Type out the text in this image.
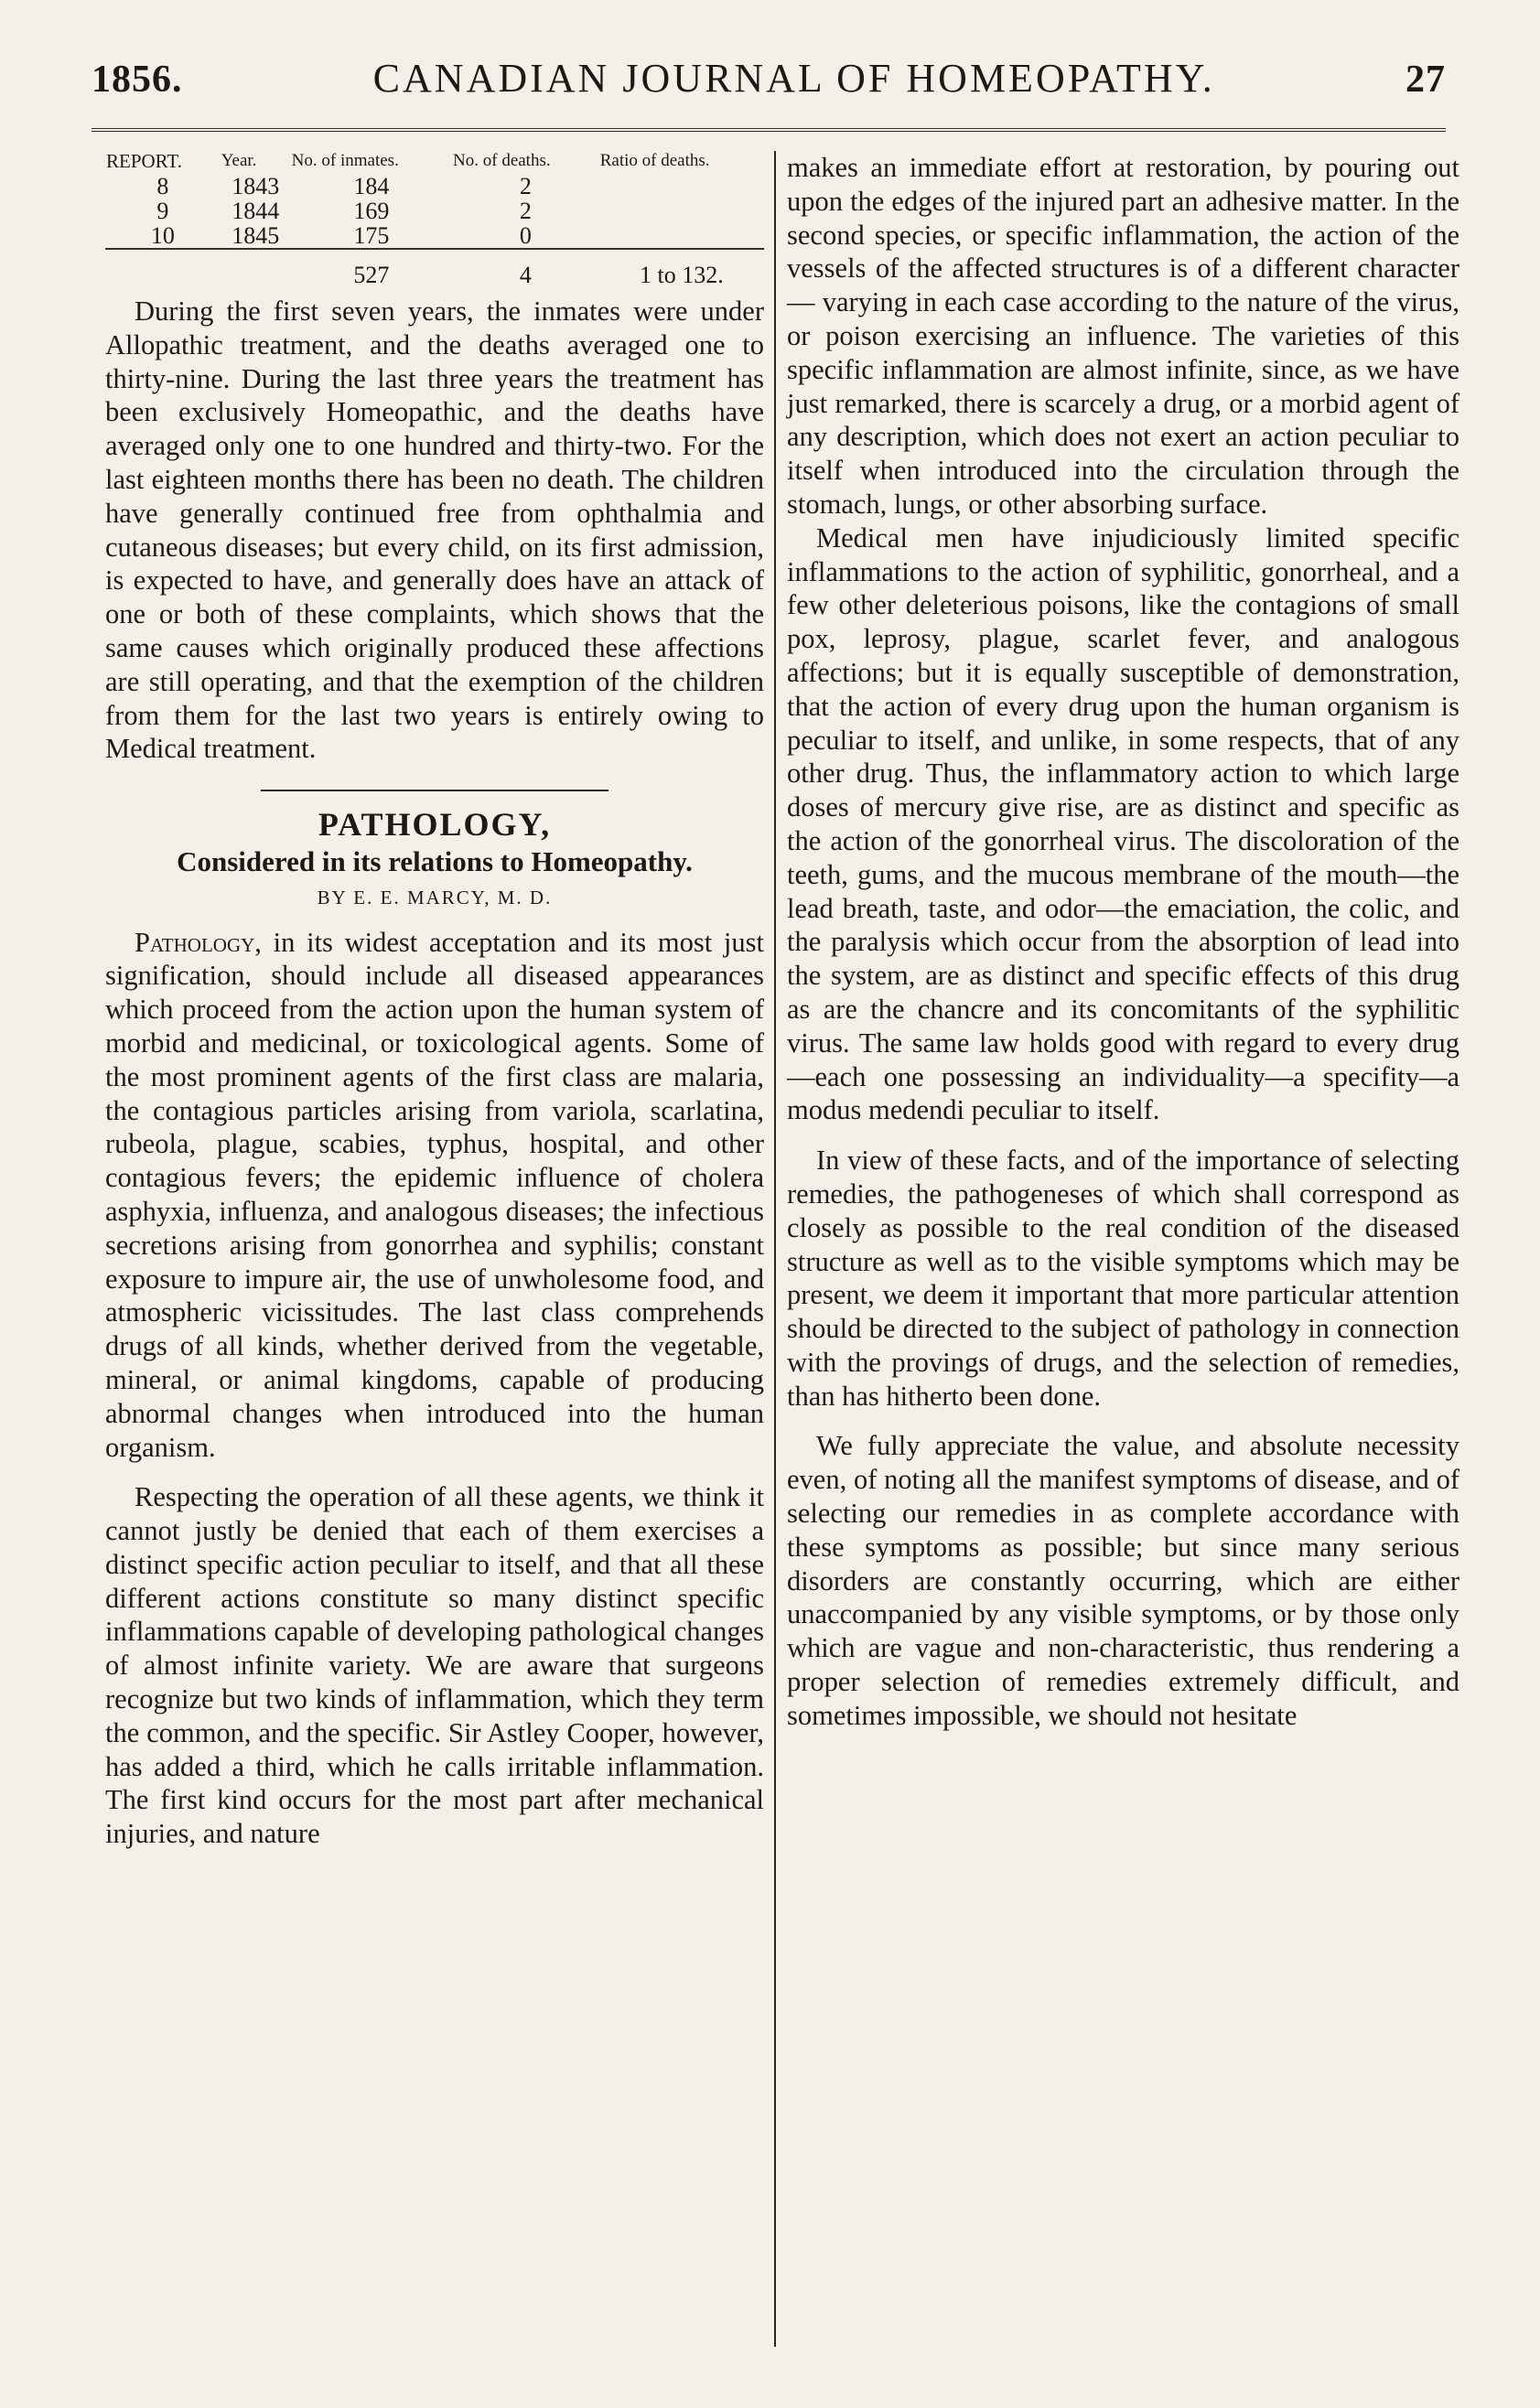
1856.	CANADIAN JOURNAL OF HOMEOPATHY.	27
REPORT.	Year.	No. of inmates.	No. of deaths.	Ratio of deaths.
8	1843	184	2	
9	1844	169	2	
10	1845	175	0	
		527	4	1 to 132.

During the first seven years, the inmates were under Allopathic treatment, and the deaths averaged one to thirty-nine. During the last three years the treatment has been exclusively Homeopathic, and the deaths have averaged only one to one hundred and thirty-two. For the last eighteen months there has been no death. The children have generally continued free from ophthalmia and cutaneous diseases; but every child, on its first admission, is expected to have, and generally does have an attack of one or both of these complaints, which shows that the same causes which originally produced these affections are still operating, and that the exemption of the children from them for the last two years is entirely owing to Medical treatment.

PATHOLOGY,
Considered in its relations to Homeopathy.
BY E. E. MARCY, M. D.

Pathology, in its widest acceptation and its most just signification, should include all diseased appearances which proceed from the action upon the human system of morbid and medicinal, or toxicological agents. Some of the most prominent agents of the first class are malaria, the contagious particles arising from variola, scarlatina, rubeola, plague, scabies, typhus, hospital, and other contagious fevers; the epidemic influence of cholera asphyxia, influenza, and analogous diseases; the infectious secretions arising from gonorrhea and syphilis; constant exposure to impure air, the use of unwholesome food, and atmospheric vicissitudes. The last class comprehends drugs of all kinds, whether derived from the vegetable, mineral, or animal kingdoms, capable of producing abnormal changes when introduced into the human organism.

Respecting the operation of all these agents, we think it cannot justly be denied that each of them exercises a distinct specific action peculiar to itself, and that all these different actions constitute so many distinct specific inflammations capable of developing pathological changes of almost infinite variety. We are aware that surgeons recognize but two kinds of inflammation, which they term the common, and the specific. Sir Astley Cooper, however, has added a third, which he calls irritable inflammation. The first kind occurs for the most part after mechanical injuries, and nature

makes an immediate effort at restoration, by pouring out upon the edges of the injured part an adhesive matter. In the second species, or specific inflammation, the action of the vessels of the affected structures is of a different character — varying in each case according to the nature of the virus, or poison exercising an influence. The varieties of this specific inflammation are almost infinite, since, as we have just remarked, there is scarcely a drug, or a morbid agent of any description, which does not exert an action peculiar to itself when introduced into the circulation through the stomach, lungs, or other absorbing surface.

Medical men have injudiciously limited specific inflammations to the action of syphilitic, gonorrheal, and a few other deleterious poisons, like the contagions of small pox, leprosy, plague, scarlet fever, and analogous affections; but it is equally susceptible of demonstration, that the action of every drug upon the human organism is peculiar to itself, and unlike, in some respects, that of any other drug. Thus, the inflammatory action to which large doses of mercury give rise, are as distinct and specific as the action of the gonorrheal virus. The discoloration of the teeth, gums, and the mucous membrane of the mouth—the lead breath, taste, and odor—the emaciation, the colic, and the paralysis which occur from the absorption of lead into the system, are as distinct and specific effects of this drug as are the chancre and its concomitants of the syphilitic virus. The same law holds good with regard to every drug—each one possessing an individuality—a specifity—a modus medendi peculiar to itself.

In view of these facts, and of the importance of selecting remedies, the pathogeneses of which shall correspond as closely as possible to the real condition of the diseased structure as well as to the visible symptoms which may be present, we deem it important that more particular attention should be directed to the subject of pathology in connection with the provings of drugs, and the selection of remedies, than has hitherto been done.

We fully appreciate the value, and absolute necessity even, of noting all the manifest symptoms of disease, and of selecting our remedies in as complete accordance with these symptoms as possible; but since many serious disorders are constantly occurring, which are either unaccompanied by any visible symptoms, or by those only which are vague and non-characteristic, thus rendering a proper selection of remedies extremely difficult, and sometimes impossible, we should not hesitate
